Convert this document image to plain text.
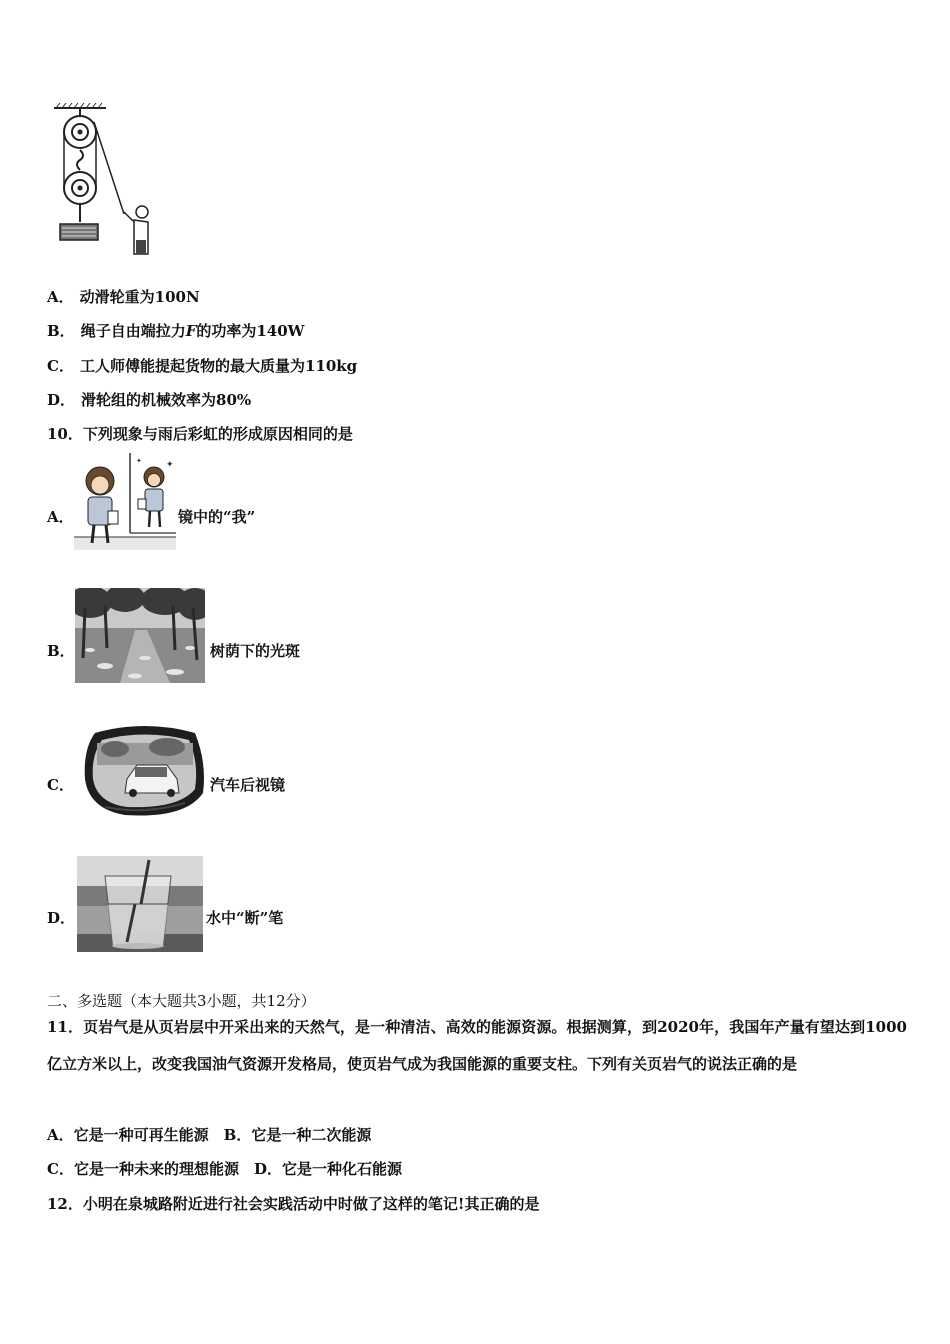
A． 动滑轮重为100N
B． 绳子自由端拉力F的功率为140W
C． 工人师傅能提起货物的最大质量为110kg
D． 滑轮组的机械效率为80%
10．下列现象与雨后彩虹的形成原因相同的是
A．
✦
✦
镜中的“我”
B．	树荫下的光斑
C．	汽车后视镜
D．	水中“断”笔
二、多选题（本大题共3小题，共12分）
11．页岩气是从页岩层中开采出来的天然气，是一种清洁、高效的能源资源。根据测算，到2020年，我国年产量有望达到1000亿立方米以上，改变我国油气资源开发格局，使页岩气成为我国能源的重要支柱。下列有关页岩气的说法正确的是
A．它是一种可再生能源　B．它是一种二次能源
C．它是一种未来的理想能源　D．它是一种化石能源
12．小明在泉城路附近进行社会实践活动中时做了这样的笔记!其正确的是
